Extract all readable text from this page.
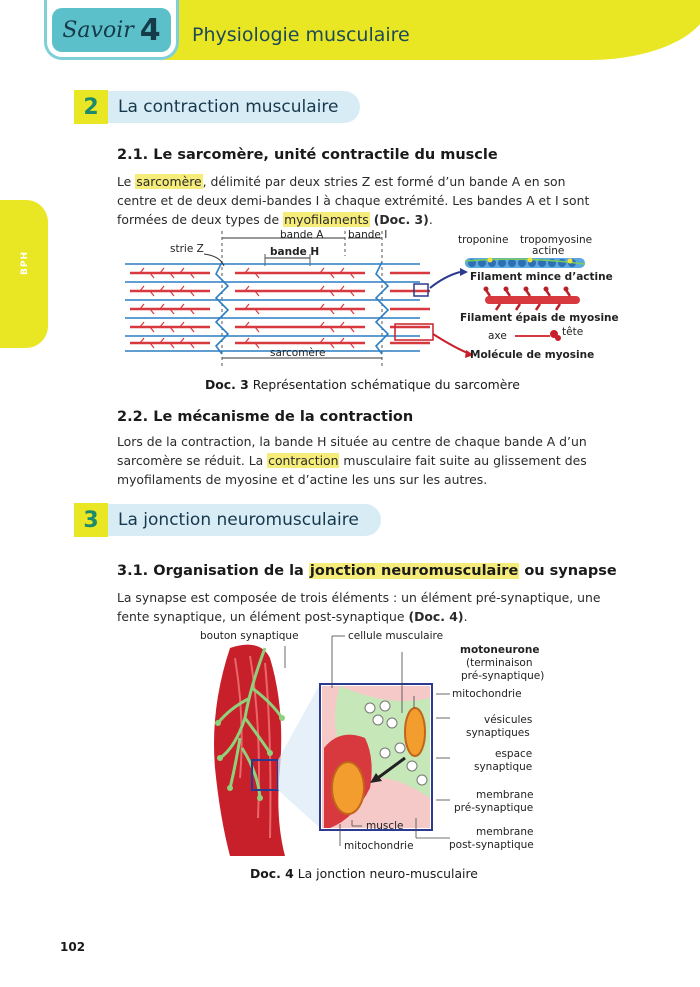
Savoir 4 Physiologie musculaire
BPH
2	La contraction musculaire
2.1. Le sarcomère, unité contractile du muscle
Le sarcomère, délimité par deux stries Z est formé d’un bande A en son centre et de deux demi-bandes I à chaque extrémité. Les bandes A et I sont formées de deux types de myofilaments (Doc. 3).
bande A bande I
strie Z	bande H
sarcomère
troponine tropomyosine
actine
Filament mince d’actine
Filament épais de myosine
axe	tête
Molécule de myosine
Doc. 3 Représentation schématique du sarcomère
2.2. Le mécanisme de la contraction
Lors de la contraction, la bande H située au centre de chaque bande A d’un sarcomère se réduit. La contraction musculaire fait suite au glissement des myofilaments de myosine et d’actine les uns sur les autres.
3	La jonction neuromusculaire
3.1. Organisation de la jonction neuromusculaire ou synapse
La synapse est composée de trois éléments : un élément pré-synaptique, une fente synaptique, un élément post-synaptique (Doc. 4).
bouton synaptique	cellule musculaire
motoneurone
(terminaison
pré-synaptique)
mitochondrie
vésicules
synaptiques
espace
synaptique
membrane
pré-synaptique
muscle	membrane
post-synaptique
mitochondrie
Doc. 4 La jonction neuro-musculaire
102
